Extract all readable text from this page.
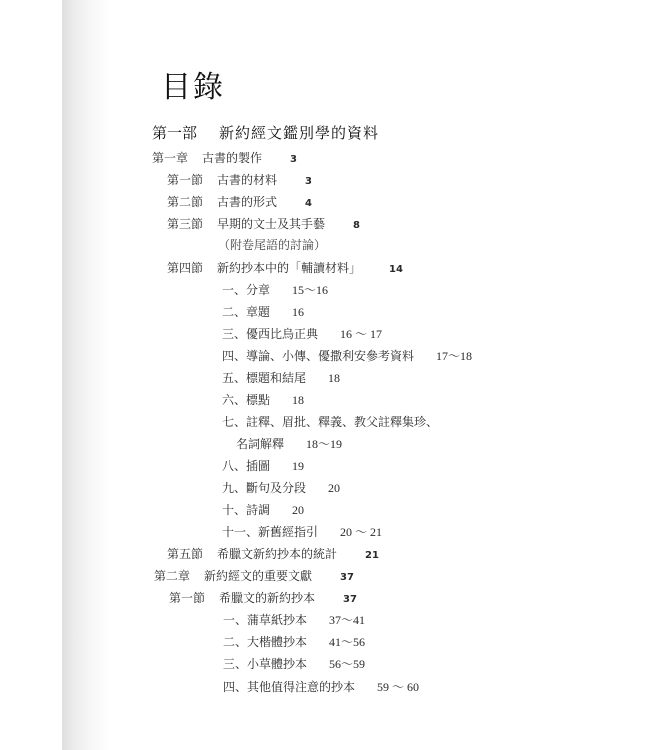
目錄
第一部 新約經文鑑別學的資料
第一章 古書的製作	3
第一節 古書的材料	3
第二節 古書的形式	4
第三節 早期的文士及其手藝	8
（附卷尾語的討論）
第四節 新約抄本中的「輔讀材料」	14
一、分章 15～16
二、章題 16
三、優西比烏正典 16 ～ 17
四、導論、小傳、優撒利安參考資料 17～18
五、標題和結尾 18
六、標點 18
七、註釋、眉批、釋義、教父註釋集珍、
名詞解釋 18～19
八、插圖 19
九、斷句及分段 20
十、詩調 20
十一、新舊經指引 20 ～ 21
第五節 希臘文新約抄本的統計	21
第二章 新約經文的重要文獻	37
第一節 希臘文的新約抄本	37
一、蒲草紙抄本 37～41
二、大楷體抄本 41～56
三、小草體抄本 56～59
四、其他值得注意的抄本 59 ～ 60
